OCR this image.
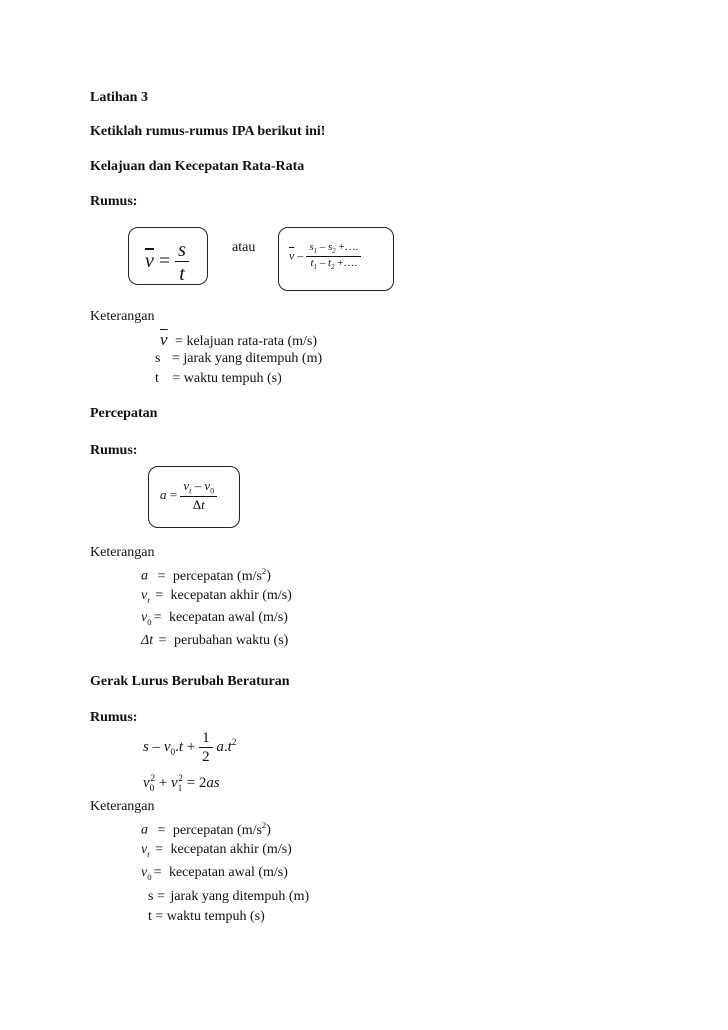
Latihan 3
Ketiklah rumus-rumus IPA berikut ini!
Kelajuan dan Kecepatan Rata-Rata
Rumus:
$\overline{v} = \frac{s}{t}$	atau
$\overline{v} - \frac{s_1 - s_2 +\dots.}{t_1 - t_2 +\dots.}$
Keterangan
$\overline{v}$ = kelajuan rata-rata (m/s)
s = jarak yang ditempuh (m)
t = waktu tempuh (s)
Percepatan
Rumus:
$a = \frac{v_t - v_0}{\Delta t}$
Keterangan
a = percepatan $(m/s^2)$
$v_t$ = kecepatan akhir (m/s)
$v_0$ = kecepatan awal (m/s)
Δt = perubahan waktu (s)
Gerak Lurus Berubah Beraturan
Rumus:
$s - v_0.t + \frac{1}{2} a.t^2$
$v_0^2 + v_1^2 = 2as$
Keterangan
a = percepatan $(m/s^2)$
$v_t$ = kecepatan akhir (m/s)
$v_0$ = kecepatan awal (m/s)
s = jarak yang ditempuh (m)
t = waktu tempuh (s)
